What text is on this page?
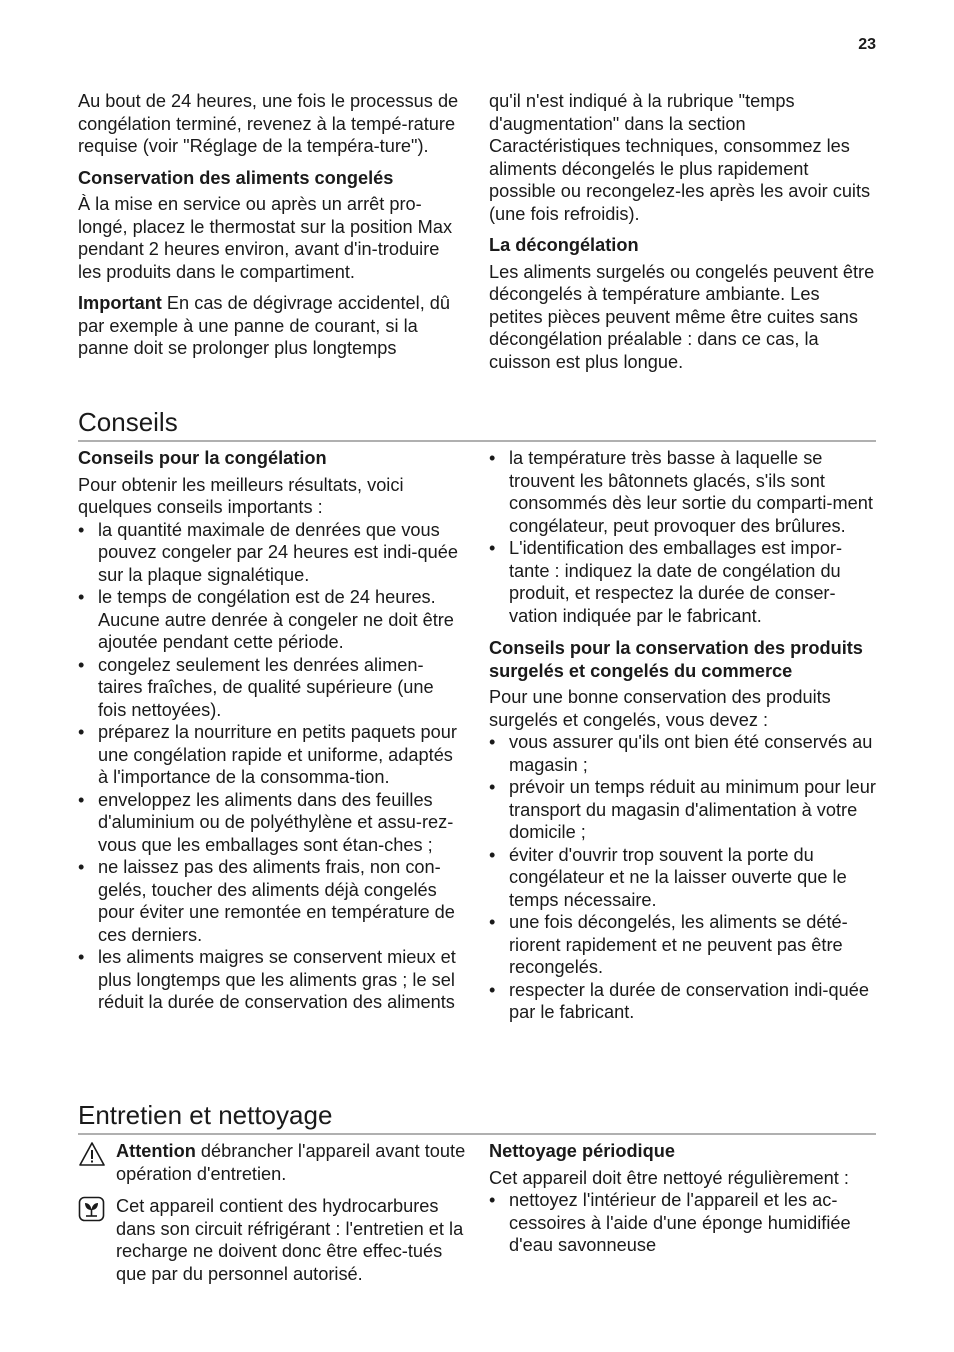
23

Au bout de 24 heures, une fois le processus de congélation terminé, revenez à la tempé-rature requise (voir "Réglage de la tempéra-ture").

Conservation des aliments congelés

À la mise en service ou après un arrêt pro-longé, placez le thermostat sur la position Max pendant 2 heures environ, avant d'in-troduire les produits dans le compartiment.

Important En cas de dégivrage accidentel, dû par exemple à une panne de courant, si la panne doit se prolonger plus longtemps

qu'il n'est indiqué à la rubrique "temps d'augmentation" dans la section Caractéristiques techniques, consommez les aliments décongelés le plus rapidement possible ou recongelez-les après les avoir cuits (une fois refroidis).

La décongélation

Les aliments surgelés ou congelés peuvent être décongelés à température ambiante. Les petites pièces peuvent même être cuites sans décongélation préalable : dans ce cas, la cuisson est plus longue.

Conseils
Conseils pour la congélation

Pour obtenir les meilleurs résultats, voici quelques conseils importants :

• la quantité maximale de denrées que vous pouvez congeler par 24 heures est indi-quée sur la plaque signalétique.
• le temps de congélation est de 24 heures. Aucune autre denrée à congeler ne doit être ajoutée pendant cette période.
• congelez seulement les denrées alimen-taires fraîches, de qualité supérieure (une fois nettoyées).
• préparez la nourriture en petits paquets pour une congélation rapide et uniforme, adaptés à l'importance de la consomma-tion.
• enveloppez les aliments dans des feuilles d'aluminium ou de polyéthylène et assu-rez-vous que les emballages sont étan-ches ;
• ne laissez pas des aliments frais, non con-gelés, toucher des aliments déjà congelés pour éviter une remontée en température de ces derniers.
• les aliments maigres se conservent mieux et plus longtemps que les aliments gras ; le sel réduit la durée de conservation des aliments
• la température très basse à laquelle se trouvent les bâtonnets glacés, s'ils sont consommés dès leur sortie du comparti-ment congélateur, peut provoquer des brûlures.
• L'identification des emballages est impor-tante : indiquez la date de congélation du produit, et respectez la durée de conser-vation indiquée par le fabricant.
Conseils pour la conservation des produits surgelés et congelés du commerce

Pour une bonne conservation des produits surgelés et congelés, vous devez :

• vous assurer qu'ils ont bien été conservés au magasin ;
• prévoir un temps réduit au minimum pour leur transport du magasin d'alimentation à votre domicile ;
• éviter d'ouvrir trop souvent la porte du congélateur et ne la laisser ouverte que le temps nécessaire.
• une fois décongelés, les aliments se dété-riorent rapidement et ne peuvent pas être recongelés.
• respecter la durée de conservation indi-quée par le fabricant.
Entretien et nettoyage
Attention débrancher l'appareil avant toute opération d'entretien.
Cet appareil contient des hydrocarbures dans son circuit réfrigérant : l'entretien et la recharge ne doivent donc être effec-tués que par du personnel autorisé.
Nettoyage périodique

Cet appareil doit être nettoyé régulièrement :

• nettoyez l'intérieur de l'appareil et les ac-cessoires à l'aide d'une éponge humidifiée d'eau savonneuse
